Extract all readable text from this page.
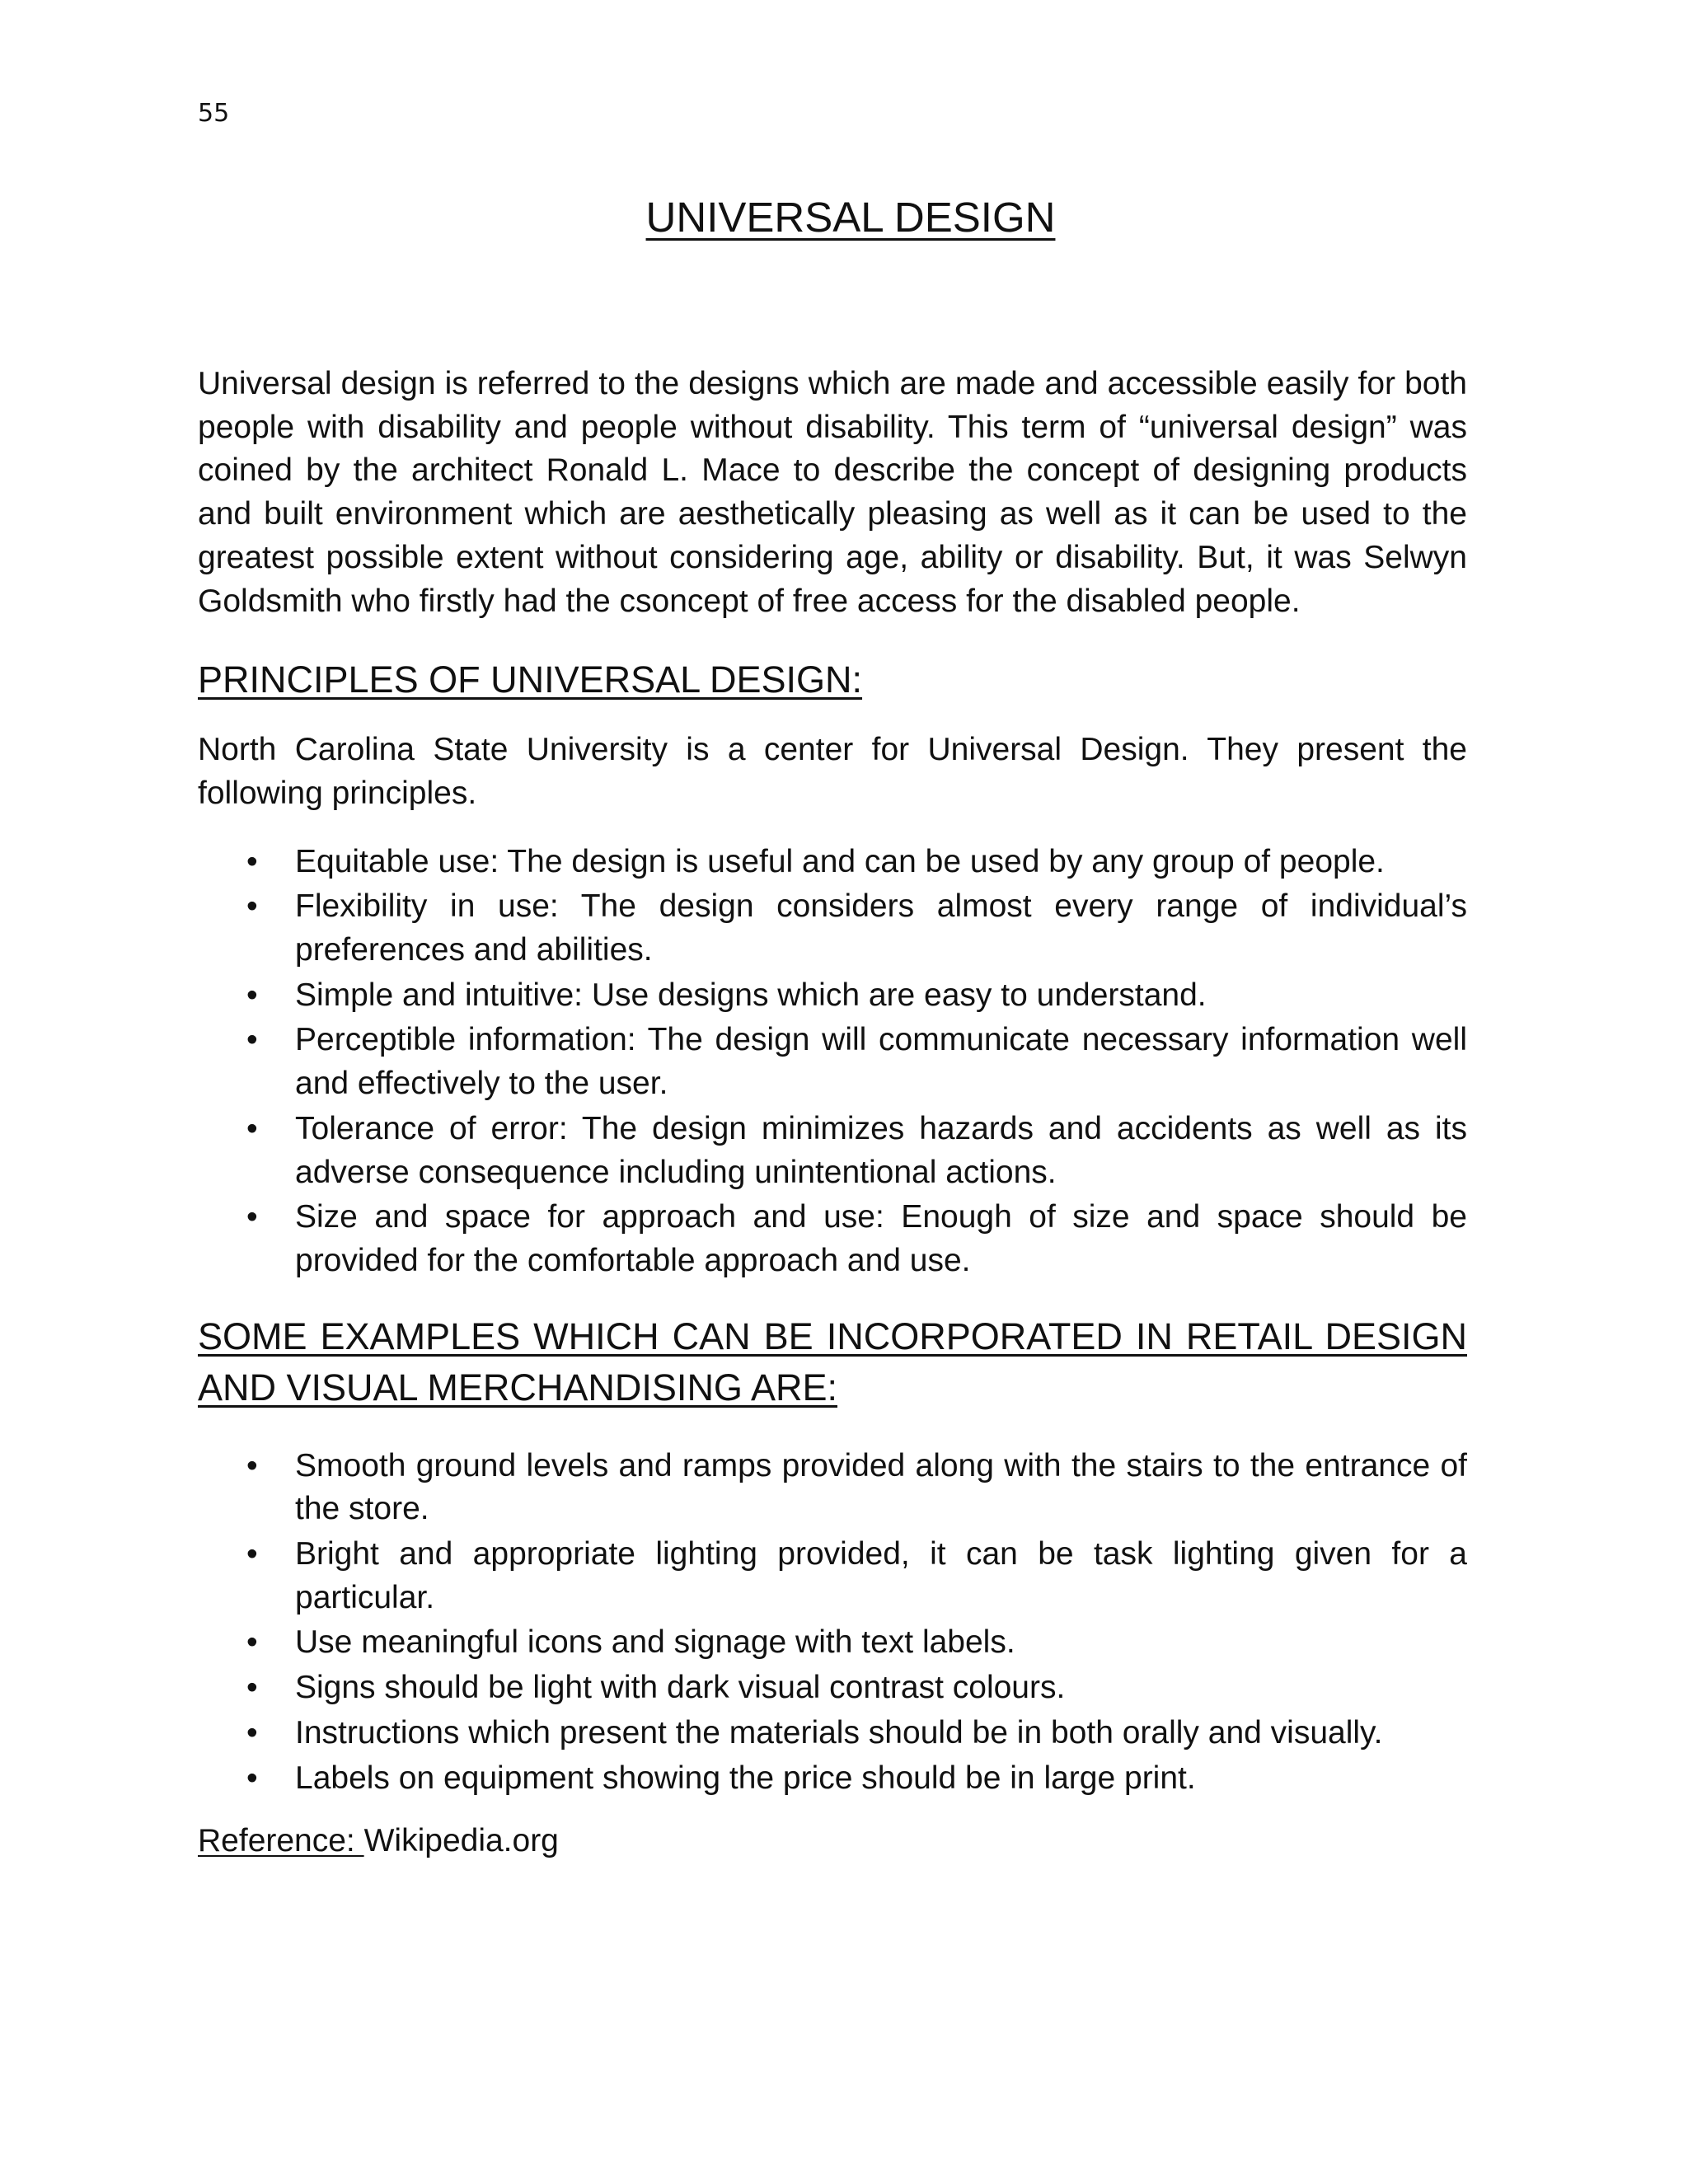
55
UNIVERSAL DESIGN

Universal design is referred to the designs which are made and accessible easily for both people with disability and people without disability. This term of “universal design” was coined by the architect Ronald L. Mace to describe the concept of designing products and built environment which are aesthetically pleasing as well as it can be used to the greatest possible extent without considering age, ability or disability. But, it was Selwyn Goldsmith who firstly had the csoncept of free access for the disabled people.

PRINCIPLES OF UNIVERSAL DESIGN:

North Carolina State University is a center for Universal Design. They present the following principles.

• Equitable use: The design is useful and can be used by any group of people.
• Flexibility in use: The design considers almost every range of individual’s preferences and abilities.
• Simple and intuitive: Use designs which are easy to understand.
• Perceptible information: The design will communicate necessary information well and effectively to the user.
• Tolerance of error: The design minimizes hazards and accidents as well as its adverse consequence including unintentional actions.
• Size and space for approach and use: Enough of size and space should be provided for the comfortable approach and use.
SOME EXAMPLES WHICH CAN BE INCORPORATED IN RETAIL DESIGN AND VISUAL MERCHANDISING ARE:
• Smooth ground levels and ramps provided along with the stairs to the entrance of the store.
• Bright and appropriate lighting provided, it can be task lighting given for a particular.
• Use meaningful icons and signage with text labels.
• Signs should be light with dark visual contrast colours.
• Instructions which present the materials should be in both orally and visually.
• Labels on equipment showing the price should be in large print.

Reference: Wikipedia.org
